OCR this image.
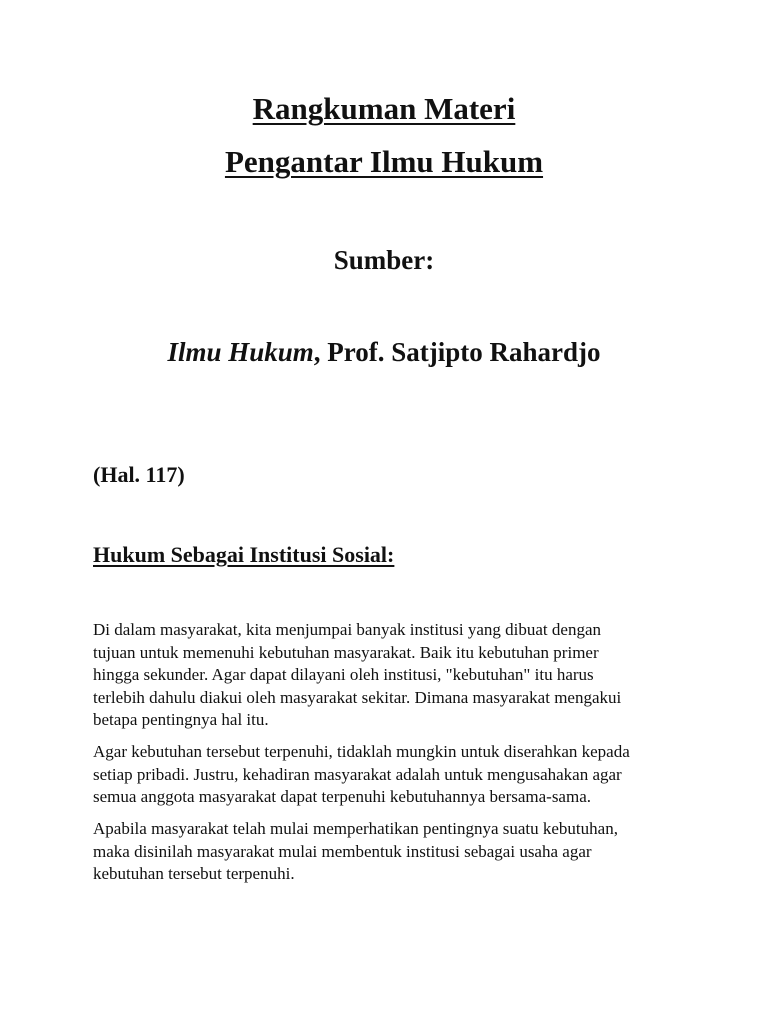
Rangkuman Materi
Pengantar Ilmu Hukum
Sumber:
Ilmu Hukum, Prof. Satjipto Rahardjo
(Hal. 117)
Hukum Sebagai Institusi Sosial:
Di dalam masyarakat, kita menjumpai banyak institusi yang dibuat dengan
tujuan untuk memenuhi kebutuhan masyarakat. Baik itu kebutuhan primer
hingga sekunder. Agar dapat dilayani oleh institusi, "kebutuhan" itu harus
terlebih dahulu diakui oleh masyarakat sekitar. Dimana masyarakat mengakui
betapa pentingnya hal itu.
Agar kebutuhan tersebut terpenuhi, tidaklah mungkin untuk diserahkan kepada
setiap pribadi. Justru, kehadiran masyarakat adalah untuk mengusahakan agar
semua anggota masyarakat dapat terpenuhi kebutuhannya bersama-sama.
Apabila masyarakat telah mulai memperhatikan pentingnya suatu kebutuhan,
maka disinilah masyarakat mulai membentuk institusi sebagai usaha agar
kebutuhan tersebut terpenuhi.
